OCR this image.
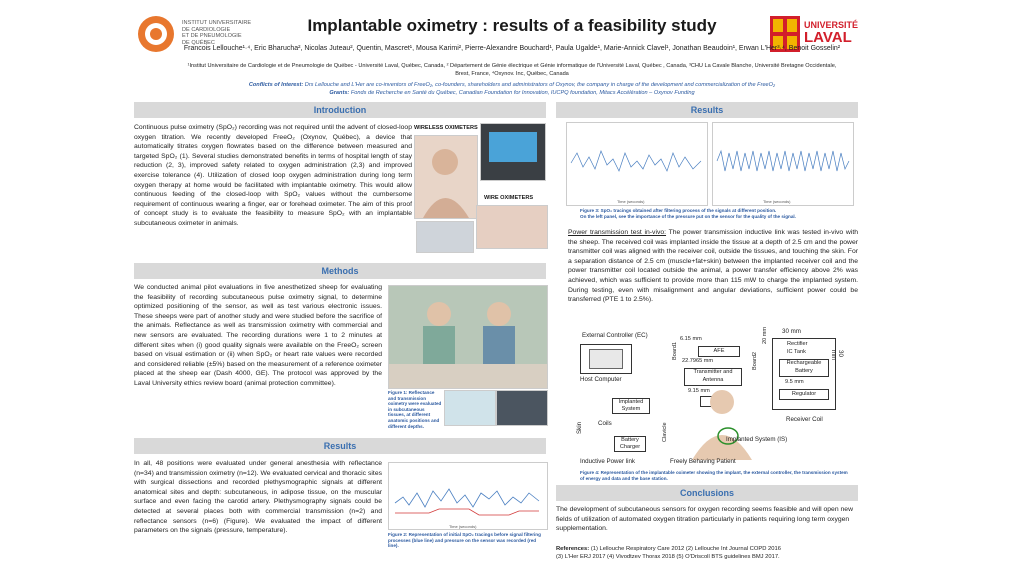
INSTITUT UNIVERSITAIRE
DE CARDIOLOGIE
ET DE PNEUMOLOGIE
DE QUÉBEC
UNIVERSITÉ
LAVAL
Implantable oximetry : results of a feasibility study
Francois Lellouche¹·⁴, Eric Bharucha², Nicolas Juteau², Quentin, Mascret¹, Mousa Karimi², Pierre-Alexandre Bouchard¹, Paula Ugalde¹, Marie-Annick Clavel¹, Jonathan Beaudoin¹, Erwan L'Her³·⁴, Benoit Gosselin²
¹Institut Universitaire de Cardiologie et de Pneumologie de Québec - Université Laval, Québec, Canada, ² Département de Génie électrique et Génie informatique de l'Université Laval, Québec , Canada, ³CHU La Cavale Blanche, Université Bretagne Occidentale, Brest, France, ⁴Oxynov. Inc, Québec, Canada
Conflicts of Interest: Drs Lellouche and L'Her are co-inventors of FreeO₂, co-founders, shareholders and administrators of Oxynov, the company in charge of the development and commercialization of the FreeO₂
Grants: Fonds de Recherche en Santé du Québec, Canadian Foundation for Innovation, IUCPQ foundation, Mitacs Accélération – Oxynov Funding
Introduction
Continuous pulse oximetry (SpO₂) recording was not required until the advent of closed-loop oxygen titration. We recently developed FreeO₂ (Oxynov, Québec), a device that automatically titrates oxygen flowrates based on the difference between measured and targeted SpO₂ (1). Several studies demonstrated benefits in terms of hospital length of stay reduction (2, 3), improved safety related to oxygen administration (2,3) and improved exercise tolerance (4). Utilization of closed loop oxygen administration during long term oxygen therapy at home would be facilitated with implantable oximetry. This would allow continuous feeding of the closed-loop with SpO₂ values without the cumbersome requirement of continuous wearing a finger, ear or forehead oximeter. The aim of this proof of concept study is to evaluate the feasibility to measure SpO₂ with an implantable subcutaneous oximeter in animals.
WIRELESS OXIMETERS
WIRE OXIMETERS
Methods
We conducted animal pilot evaluations in five anesthetized sheep for evaluating the feasibility of recording subcutaneous pulse oximetry signal, to determine optimized positioning of the sensor, as well as test various electronic issues. These sheeps were part of another study and were studied before the sacrifice of the animals. Reflectance as well as transmission oximetry with commercial and new sensors are evaluated. The recording durations were 1 to 2 minutes at different sites when (i) good quality signals were available on the FreeO₂ screen based on visual estimation or (ii) when SpO₂ or heart rate values were recorded and considered reliable (±5%) based on the measurement of a reference oximeter placed at the sheep ear (Dash 4000, GE). The protocol was approved by the Laval University ethics review board (animal protection committee).
Figure 1: Reflectance and transmission oximetry were evaluated in subcutaneous tissues, at different anatomic positions and different depths.
Results
In all, 48 positions were evaluated under general anesthesia with reflectance (n=34) and transmission oximetry (n=12). We evaluated cervical and thoracic sites with surgical dissections and recorded plethysmographic signals at different anatomical sites and depth: subcutaneous, in adipose tissue, on the muscular surface and even facing the carotid artery. Plethysmography signals could be detected at several places both with commercial transmission (n=2) and reflectance sensors (n=6) (Figure). We evaluated the impact of different parameters on the signals (pressure, temperature).
Time (seconds)
Figure 2: Representation of initial SpO₂ tracings before signal filtering processes (blue line) and pressure on the sensor was recorded (red line).
Results
Time (seconds)	Time (seconds)
Figure 3: SpO₂ tracings obtained after filtering process of the signals at different position.
On the left panel, see the importance of the pressure put on the sensor for the quality of the signal.
Power transmission test in-vivo: The power transmission inductive link was tested in-vivo with the sheep. The received coil was implanted inside the tissue at a depth of 2.5 cm and the power transmitter coil was aligned with the receiver coil, outside the tissues, and touching the skin. For a separation distance of 2.5 cm (muscle+fat+skin) between the implanted receiver coil and the power transmitter coil located outside the animal, a power transfer efficiency above 2% was achieved, which was sufficient to provide more than 115 mW to charge the implanted system. During testing, even with misalignment and angular deviations, sufficient power could be transferred (PTE 1 to 2.5%).
External Controller (EC)
Host Computer
6.15 mm
AFE
22.7965 mm
Transmitter and Antenna
9.15 mm
Board1
Board2
30 mm
30 mm
20 mm	Rectifier
IC Tank
Rechargeable Battery
9.5 mm
Regulator
Implanted System
Coils
Battery Charger
Skin	Clavicle
Receiver Coil
Implanted System (IS)
Inductive Power link	Freely Behaving Patient
Figure 4: Representation of the implantable oximeter showing the implant, the external controller, the transmission system of energy and data and the base station.
Conclusions
The development of subcutaneous sensors for oxygen recording seems feasible and will open new fields of utilization of automated oxygen titration particularly in patients requiring long term oxygen supplementation.
References: (1) Lellouche Respiratory Care 2012 (2) Lellouche Int Journal COPD 2016
(3) L'Her ERJ 2017 (4) Vivodtzev Thorax 2018 (5) O'Driscoll BTS guidelines BMJ 2017.
